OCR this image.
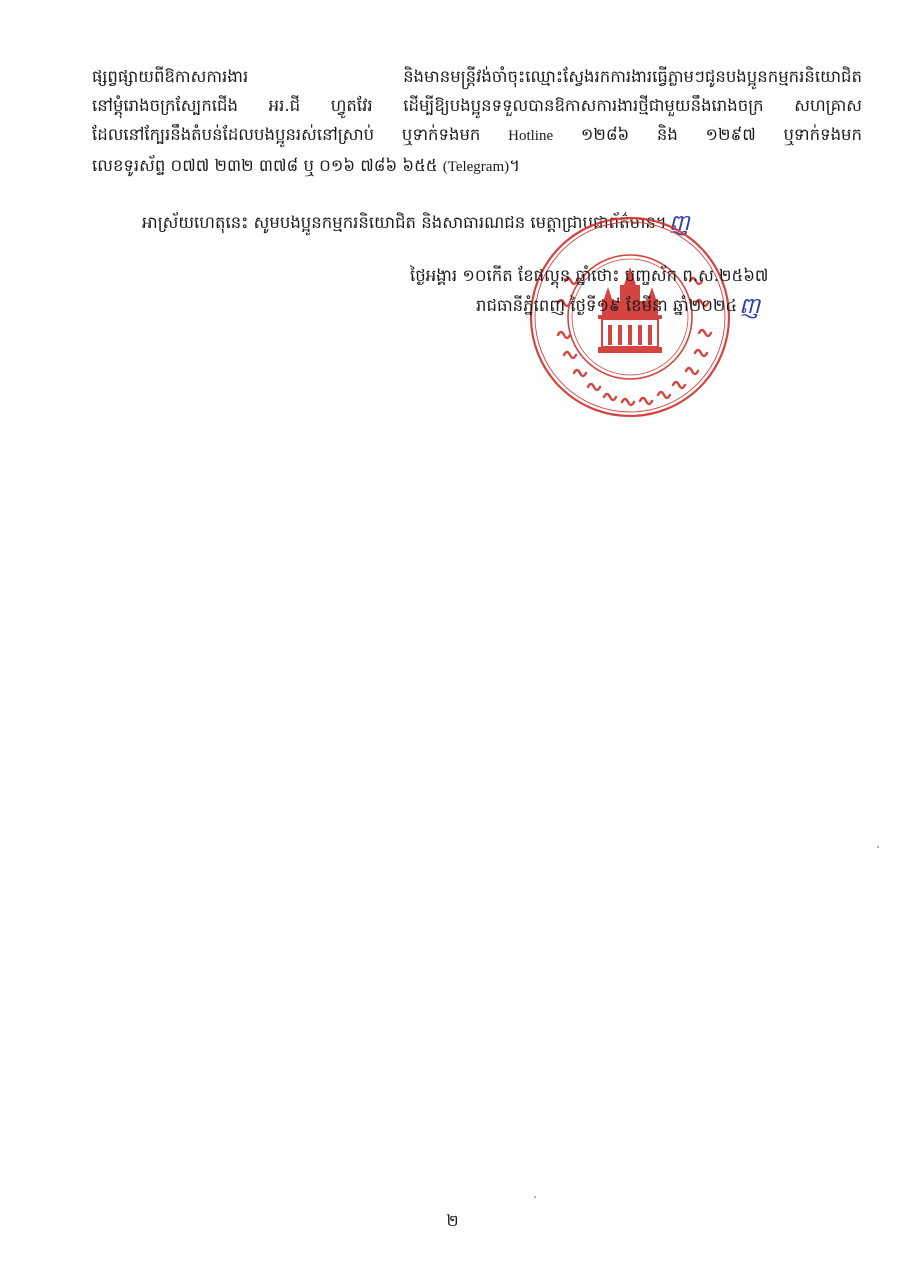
ផ្សព្វផ្សាយពីឱកាសការងារ និងមានមន្ត្រីវង់ចាំចុះឈ្មោះស្វែងរកការងារធ្វើភ្លាមៗជូនបងប្អូនកម្មករនិយោជិត
នៅម្តុំរោងចក្រស្បែកជើង អរ.ជី ហ្វូតវែរ ដើម្បីឱ្យបងប្អូនទទួលបានឱកាសការងារថ្មីជាមួយនឹងរោងចក្រ សហគ្រាស
ដែលនៅក្បែរនឹងតំបន់ដែលបងប្អូនរស់នៅស្រាប់ ឬទាក់ទងមក Hotline ១២៨៦ និង ១២៩៧ ឬទាក់ទងមក
លេខទូរស័ព្ទ ០៧៧ ២៣២ ៣៧៨ ឬ ០១៦ ៧៨៦ ៦៥៥ (Telegram)។
អាស្រ័យហេតុនេះ សូមបងប្អូនកម្មករនិយោជិត និងសាធារណជន មេត្តាជ្រាបជាព័ត៌មាន។ញ
ថ្ងៃអង្គារ ១០កើត ខែផល្គុន ឆ្នាំថោះ បញ្ចស័ក ព.ស.២៥៦៧
រាជធានីភ្នំពេញ ថ្ងៃទី១៩ ខែមីនា ឆ្នាំ២០២៤ញ
២
